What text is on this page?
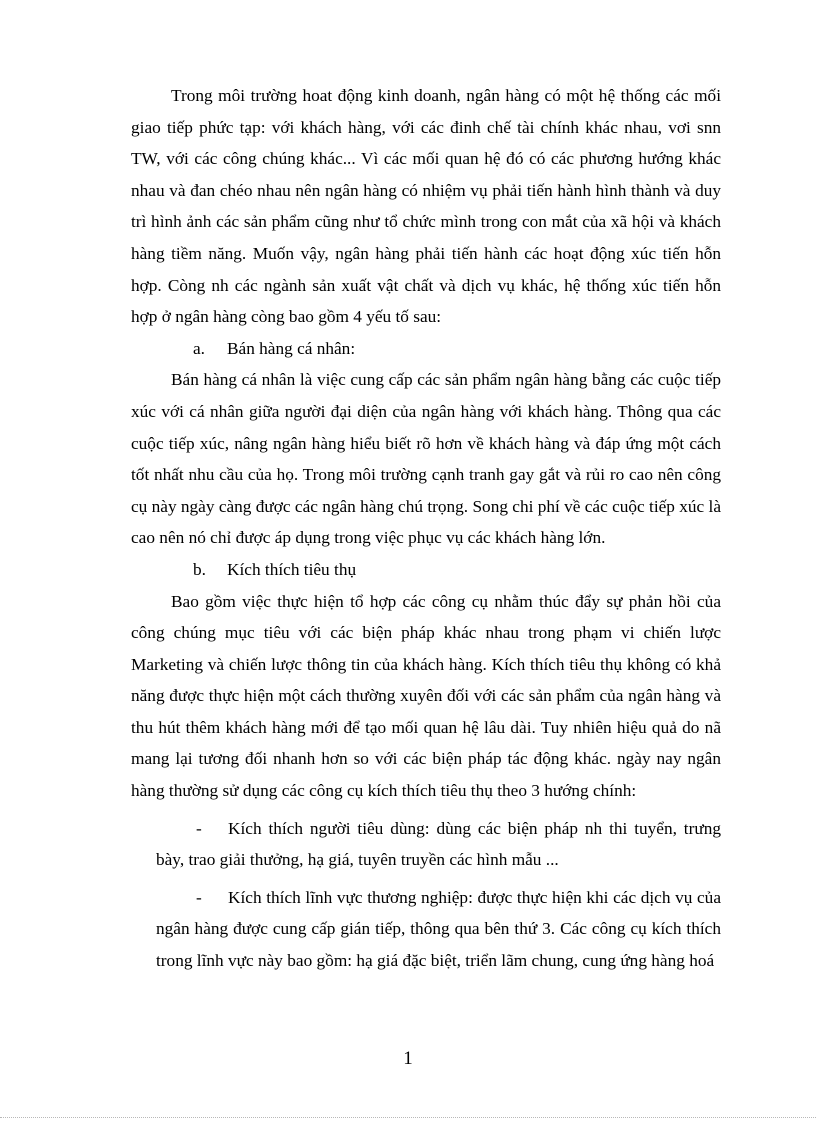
Trong môi trường hoat động kinh doanh, ngân hàng có một hệ thống các mối giao tiếp phức tạp: với khách hàng, với các đinh chế tài chính khác nhau, vơi snn TW, với các công chúng khác... Vì các mối quan hệ đó có các phương hướng khác nhau và đan chéo nhau nên ngân hàng có nhiệm vụ phải tiến hành hình thành và duy trì hình ảnh các sản phẩm cũng như tổ chức mình trong con mắt của xã hội và khách hàng tiềm năng. Muốn vậy, ngân hàng phải tiến hành các hoạt động xúc tiến hỗn hợp. Còng nh các ngành sản xuất vật chất và dịch vụ khác, hệ thống xúc tiến hỗn hợp ở ngân hàng còng bao gồm 4 yếu tố sau:

a. Bán hàng cá nhân:

Bán hàng cá nhân là việc cung cấp các sản phẩm ngân hàng bằng các cuộc tiếp xúc với cá nhân giữa người đại diện của ngân hàng với khách hàng. Thông qua các cuộc tiếp xúc, nâng ngân hàng hiểu biết rõ hơn về khách hàng và đáp ứng một cách tốt nhất nhu cầu của họ. Trong môi trường cạnh tranh gay gắt và rủi ro cao nên công cụ này ngày càng được các ngân hàng chú trọng. Song chi phí về các cuộc tiếp xúc là cao nên nó chỉ được áp dụng trong việc phục vụ các khách hàng lớn.

b. Kích thích tiêu thụ

Bao gồm việc thực hiện tổ hợp các công cụ nhằm thúc đẩy sự phản hồi của công chúng mục tiêu với các biện pháp khác nhau trong phạm vi chiến lược Marketing và chiến lược thông tin của khách hàng. Kích thích tiêu thụ không có khả năng được thực hiện một cách thường xuyên đối với các sản phẩm của ngân hàng và thu hút thêm khách hàng mới để tạo mối quan hệ lâu dài. Tuy nhiên hiệu quả do nã mang lại tương đối nhanh hơn so với các biện pháp tác động khác. ngày nay ngân hàng thường sử dụng các công cụ kích thích tiêu thụ theo 3 hướng chính:

-	Kích thích người tiêu dùng: dùng các biện pháp nh thi tuyển, trưng bày, trao giải thưởng, hạ giá, tuyên truyền các hình mẫu ...

-	Kích thích lĩnh vực thương nghiệp: được thực hiện khi các dịch vụ của ngân hàng được cung cấp gián tiếp, thông qua bên thứ 3. Các công cụ kích thích trong lĩnh vực này bao gồm: hạ giá đặc biệt, triển lãm chung, cung ứng hàng hoá

1
